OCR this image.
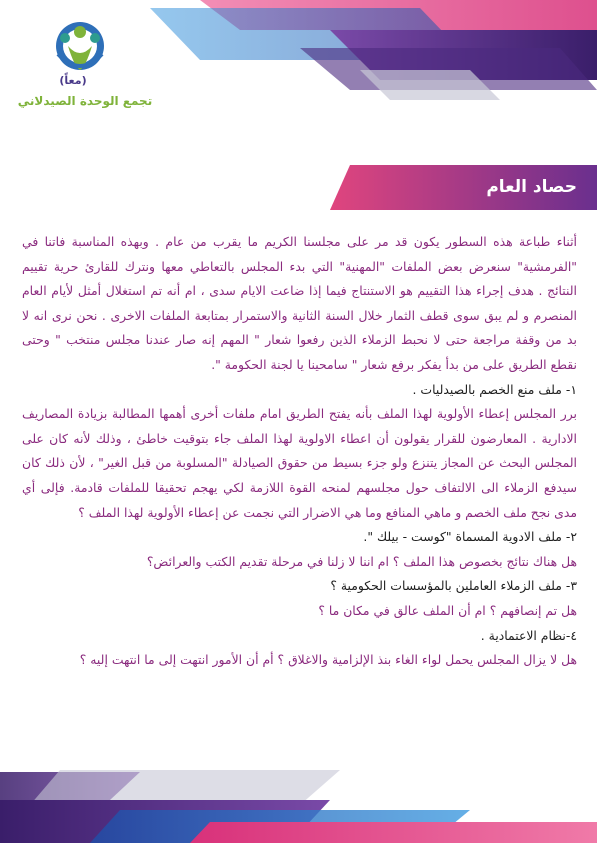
(معاً)
تجمع الوحدة الصيدلاني
حصاد العام

أثناء طباعة هذه السطور يكون قد مر على مجلسنا الكريم ما يقرب من عام . وبهذه المناسبة فاتنا في "الفرمشية" سنعرض بعض الملفات "المهنية" التي بدء المجلس بالتعاطي معها ونترك للقارئ حرية تقييم النتائج . هدف إجراء هذا التقييم هو الاستنتاج فيما إذا ضاعت الايام سدى ، ام أنه تم استغلال أمثل لأيام العام المنصرم و لم يبق سوى قطف الثمار خلال السنة الثانية والاستمرار بمتابعة الملفات الاخرى . نحن نرى انه لا بد من وقفة مراجعة حتى لا نحبط الزملاء الذين رفعوا شعار " المهم إنه صار عندنا مجلس منتخب " وحتى نقطع الطريق على من بدأ يفكر برفع شعار " سامحينا يا لجنة الحكومة ".

١- ملف منع الخصم بالصيدليات .

برر المجلس إعطاء الأولوية لهذا الملف بأنه يفتح الطريق امام ملفات أخرى أهمها المطالبة بزيادة المصاريف الادارية . المعارضون للقرار يقولون أن اعطاء الاولوية لهذا الملف جاء بتوقيت خاطئ ، وذلك لأنه كان على المجلس البحث عن المجاز يتنزع ولو جزء بسيط من حقوق الصيادلة "المسلوبة من قبل الغير" ، لأن ذلك كان سيدفع الزملاء الى الالتفاف حول مجلسهم لمنحه القوة اللازمة لكي يهجم تحقيقا للملفات قادمة. فإلى أي مدى نجح ملف الخصم و ماهي المنافع وما هي الاضرار التي نجمت عن إعطاء الأولوية لهذا الملف ؟

٢- ملف الادوية المسماة "كوست - بيلك ".

هل هناك نتائج بخصوص هذا الملف ؟ ام اننا لا زلنا في مرحلة تقديم الكتب والعرائض؟

٣- ملف الزملاء العاملين بالمؤسسات الحكومية ؟

هل تم إنصافهم ؟ ام أن الملف عالق في مكان ما ؟

٤-نظام الاعتمادية .

هل لا يزال المجلس يحمل لواء الغاء بنذ الإلزامية والاغلاق ؟ أم أن الأمور انتهت إلى ما انتهت إليه ؟
